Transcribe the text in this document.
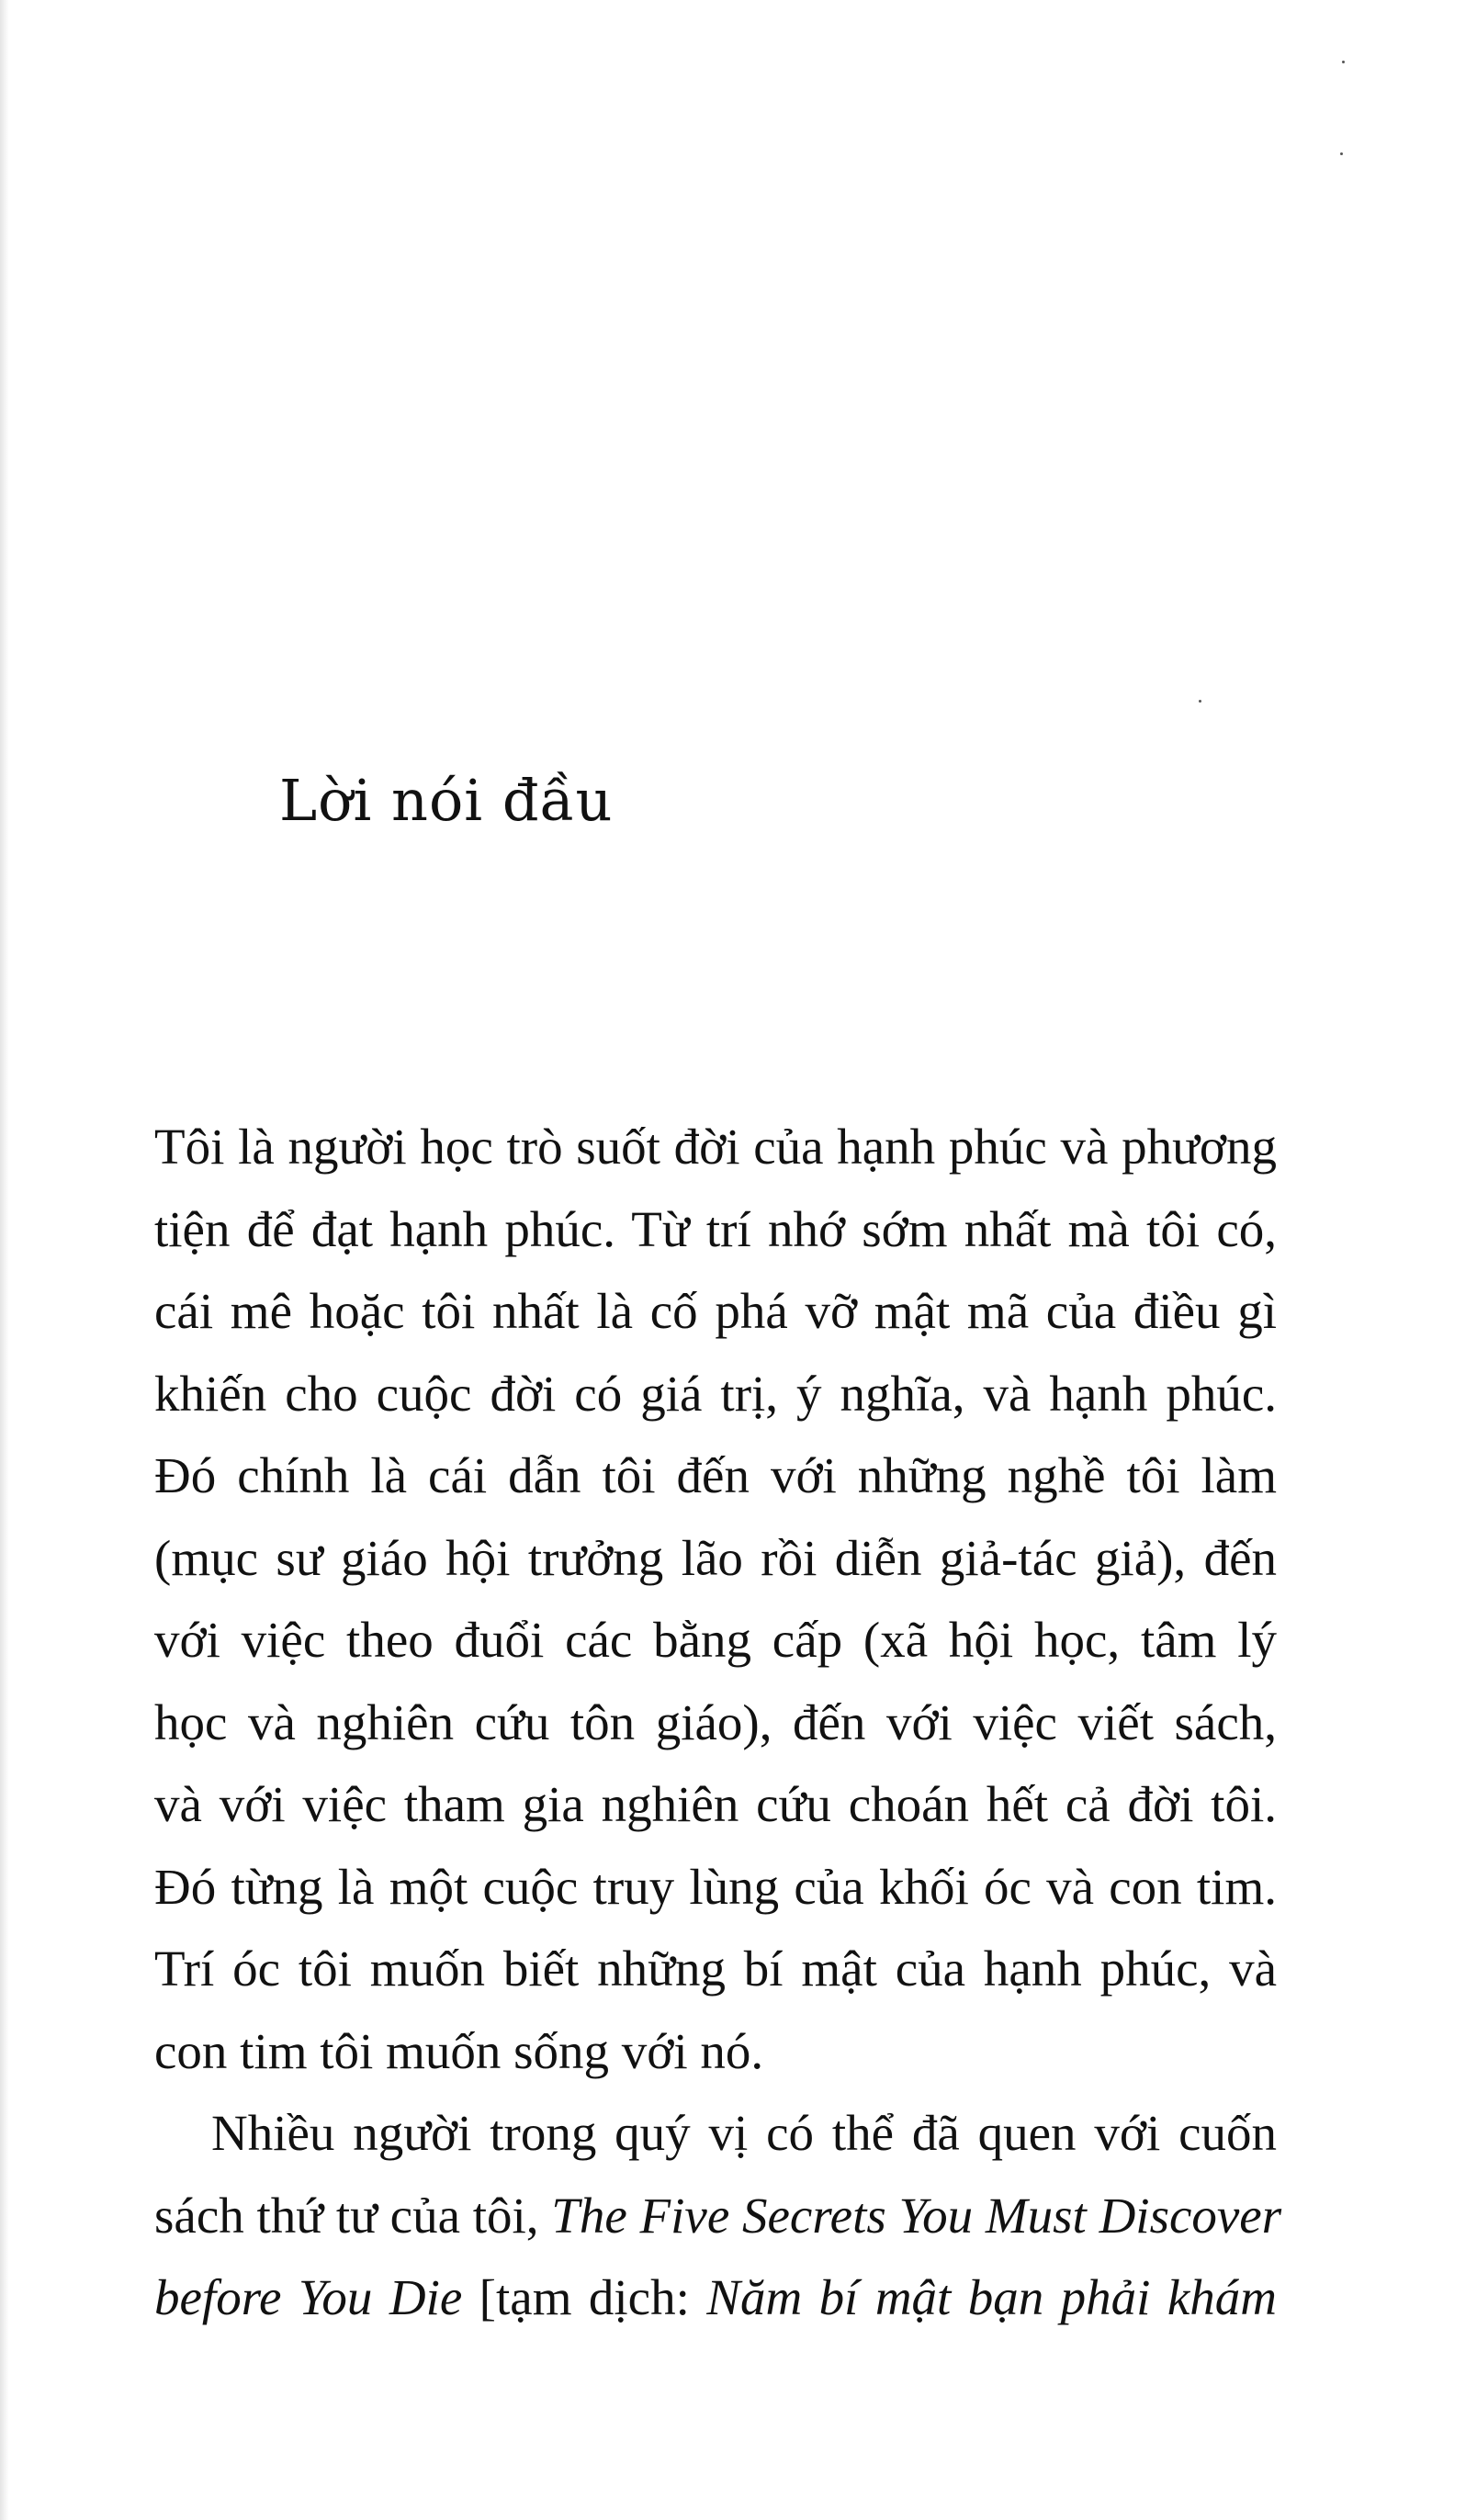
Lời nói đầu
Tôi là người học trò suốt đời của hạnh phúc và phương
tiện để đạt hạnh phúc. Từ trí nhớ sớm nhất mà tôi có,
cái mê hoặc tôi nhất là cố phá vỡ mật mã của điều gì
khiến cho cuộc đời có giá trị, ý nghĩa, và hạnh phúc.
Đó chính là cái dẫn tôi đến với những nghề tôi làm
(mục sư giáo hội trưởng lão rồi diễn giả-tác giả), đến
với việc theo đuổi các bằng cấp (xã hội học, tâm lý
học và nghiên cứu tôn giáo), đến với việc viết sách,
và với việc tham gia nghiên cứu choán hết cả đời tôi.
Đó từng là một cuộc truy lùng của khối óc và con tim.
Trí óc tôi muốn biết những bí mật của hạnh phúc, và
con tim tôi muốn sống với nó.
Nhiều người trong quý vị có thể đã quen với cuốn
sách thứ tư của tôi, The Five Secrets You Must Discover
before You Die [tạm dịch: Năm bí mật bạn phải khám
